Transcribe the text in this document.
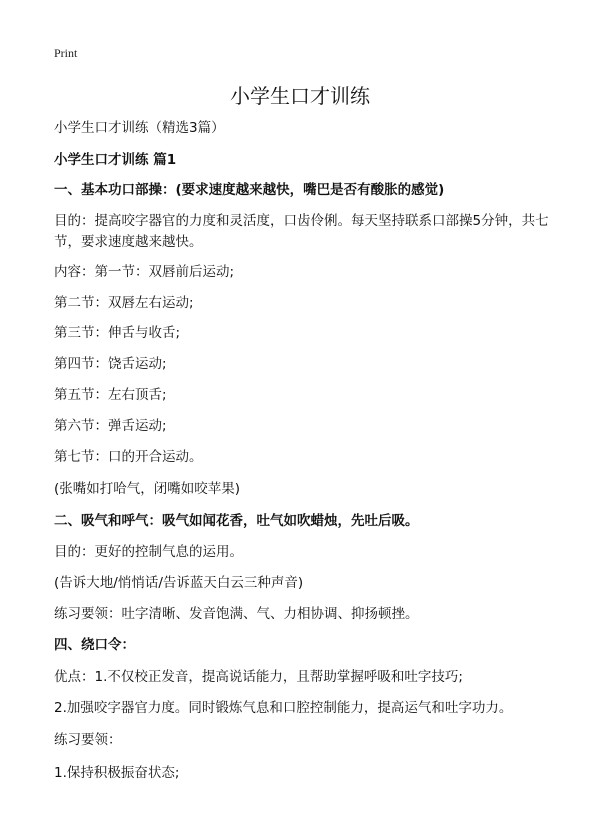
Print
小学生口才训练
小学生口才训练（精选3篇）
小学生口才训练 篇1
一、基本功口部操：(要求速度越来越快，嘴巴是否有酸胀的感觉)
目的：提高咬字器官的力度和灵活度，口齿伶俐。每天坚持联系口部操5分钟，共七节，要求速度越来越快。
内容：第一节：双唇前后运动;
第二节：双唇左右运动;
第三节：伸舌与收舌;
第四节：饶舌运动;
第五节：左右顶舌;
第六节：弹舌运动;
第七节：口的开合运动。
(张嘴如打哈气，闭嘴如咬苹果)
二、吸气和呼气：吸气如闻花香，吐气如吹蜡烛，先吐后吸。
目的：更好的控制气息的运用。
(告诉大地/悄悄话/告诉蓝天白云三种声音)
练习要领：吐字清晰、发音饱满、气、力相协调、抑扬顿挫。
四、绕口令：
优点：1.不仅校正发音，提高说话能力，且帮助掌握呼吸和吐字技巧;
2.加强咬字器官力度。同时锻炼气息和口腔控制能力，提高运气和吐字功力。
练习要领：
1.保持积极振奋状态;
